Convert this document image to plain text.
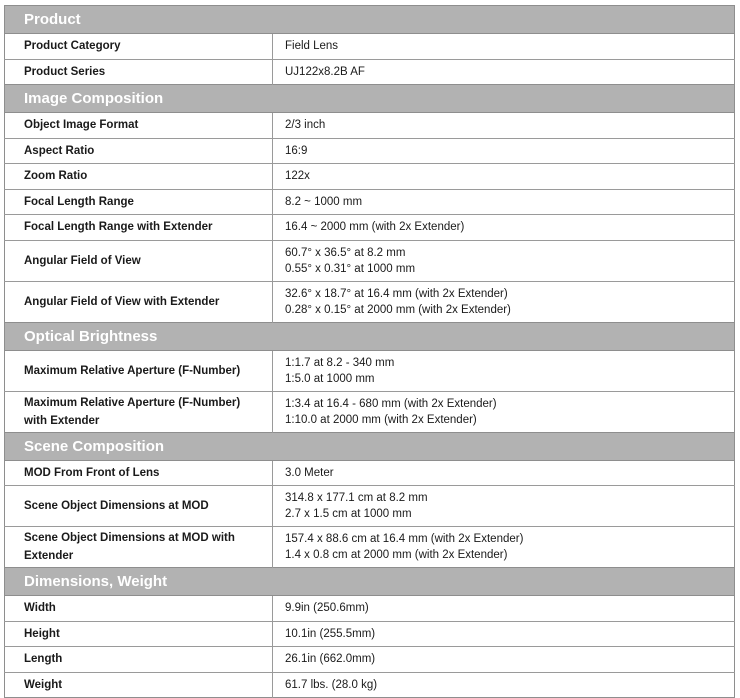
Product	
Product Category	Field Lens

Product Series	UJ122x8.2B AF

Image Composition	
Object Image Format	2/3 inch

Aspect Ratio	16:9

Zoom Ratio	122x

Focal Length Range	8.2 ~ 1000 mm

Focal Length Range with Extender	16.4 ~ 2000 mm (with 2x Extender)

Angular Field of View	60.7° x 36.5° at 8.2 mm
0.55° x 0.31° at 1000 mm

Angular Field of View with Extender	32.6° x 18.7° at 16.4 mm (with 2x Extender)
0.28° x 0.15° at 2000 mm (with 2x Extender)

Optical Brightness	
Maximum Relative Aperture (F-Number)	1:1.7 at 8.2 - 340 mm
1:5.0 at 1000 mm

Maximum Relative Aperture (F-Number)
with Extender	1:3.4 at 16.4 - 680 mm (with 2x Extender)
1:10.0 at 2000 mm (with 2x Extender)

Scene Composition	
MOD From Front of Lens	3.0 Meter

Scene Object Dimensions at MOD	314.8 x 177.1 cm at 8.2 mm
2.7 x 1.5 cm at 1000 mm

Scene Object Dimensions at MOD with
Extender	157.4 x 88.6 cm at 16.4 mm (with 2x Extender)
1.4 x 0.8 cm at 2000 mm (with 2x Extender)

Dimensions, Weight	
Width	9.9in (250.6mm)

Height	10.1in (255.5mm)

Length	26.1in (662.0mm)

Weight	61.7 lbs. (28.0 kg)
